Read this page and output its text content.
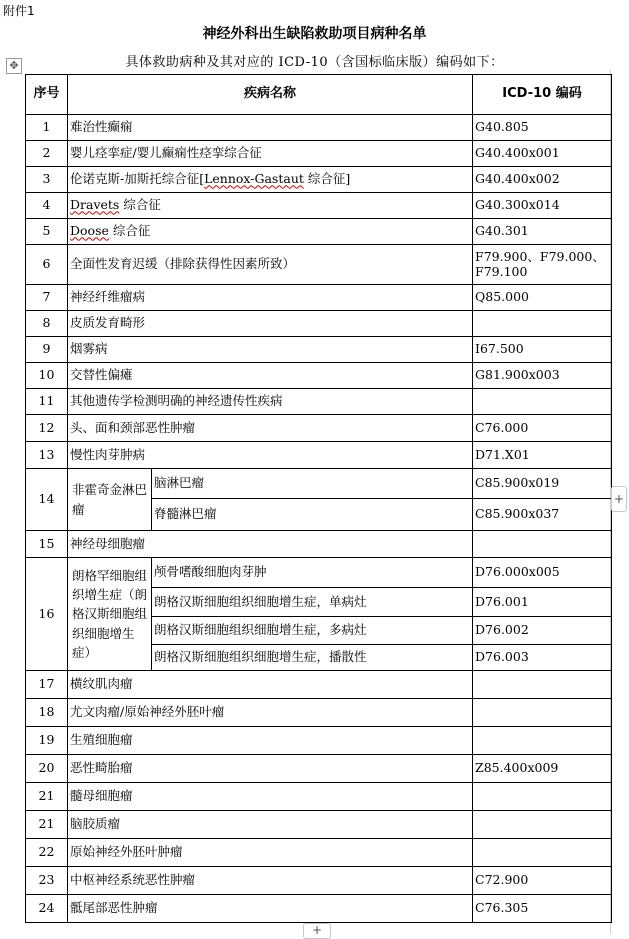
附件1
神经外科出生缺陷救助项目病种名单
具体救助病种及其对应的 ICD-10（含国标临床版）编码如下：
✥
序号	疾病名称		ICD-10 编码
1	难治性癫痫		G40.805
2	婴儿痉挛症/婴儿癫痫性痉挛综合征		G40.400x001
3	伦诺克斯-加斯托综合征[Lennox-Gastaut 综合征]		G40.400x002
4	Dravets 综合征		G40.300x014
5	Doose 综合征		G40.301
6	全面性发育迟缓（排除获得性因素所致）		F79.900、F79.000、
F79.100

7	神经纤维瘤病		Q85.000
8	皮质发育畸形		
9	烟雾病		I67.500
10	交替性偏瘫		G81.900x003
11	其他遗传学检测明确的神经遗传性疾病		
12	头、面和颈部恶性肿瘤		C76.000
13	慢性肉芽肿病		D71.X01
14	非霍奇金淋巴瘤	脑淋巴瘤	C85.900x019
		脊髓淋巴瘤	C85.900x037
15	神经母细胞瘤		
16	朗格罕细胞组织增生症（朗格汉斯细胞组织细胞增生症）	颅骨嗜酸细胞肉芽肿	D76.000x005
		朗格汉斯细胞组织细胞增生症，单病灶	D76.001
		朗格汉斯细胞组织细胞增生症，多病灶	D76.002
		朗格汉斯细胞组织细胞增生症，播散性	D76.003
17	横纹肌肉瘤		
18	尤文肉瘤/原始神经外胚叶瘤		
19	生殖细胞瘤		
20	恶性畸胎瘤		Z85.400x009
21	髓母细胞瘤		
21	脑胶质瘤		
22	原始神经外胚叶肿瘤		
23	中枢神经系统恶性肿瘤		C72.900
24	骶尾部恶性肿瘤		C76.305
+
+
